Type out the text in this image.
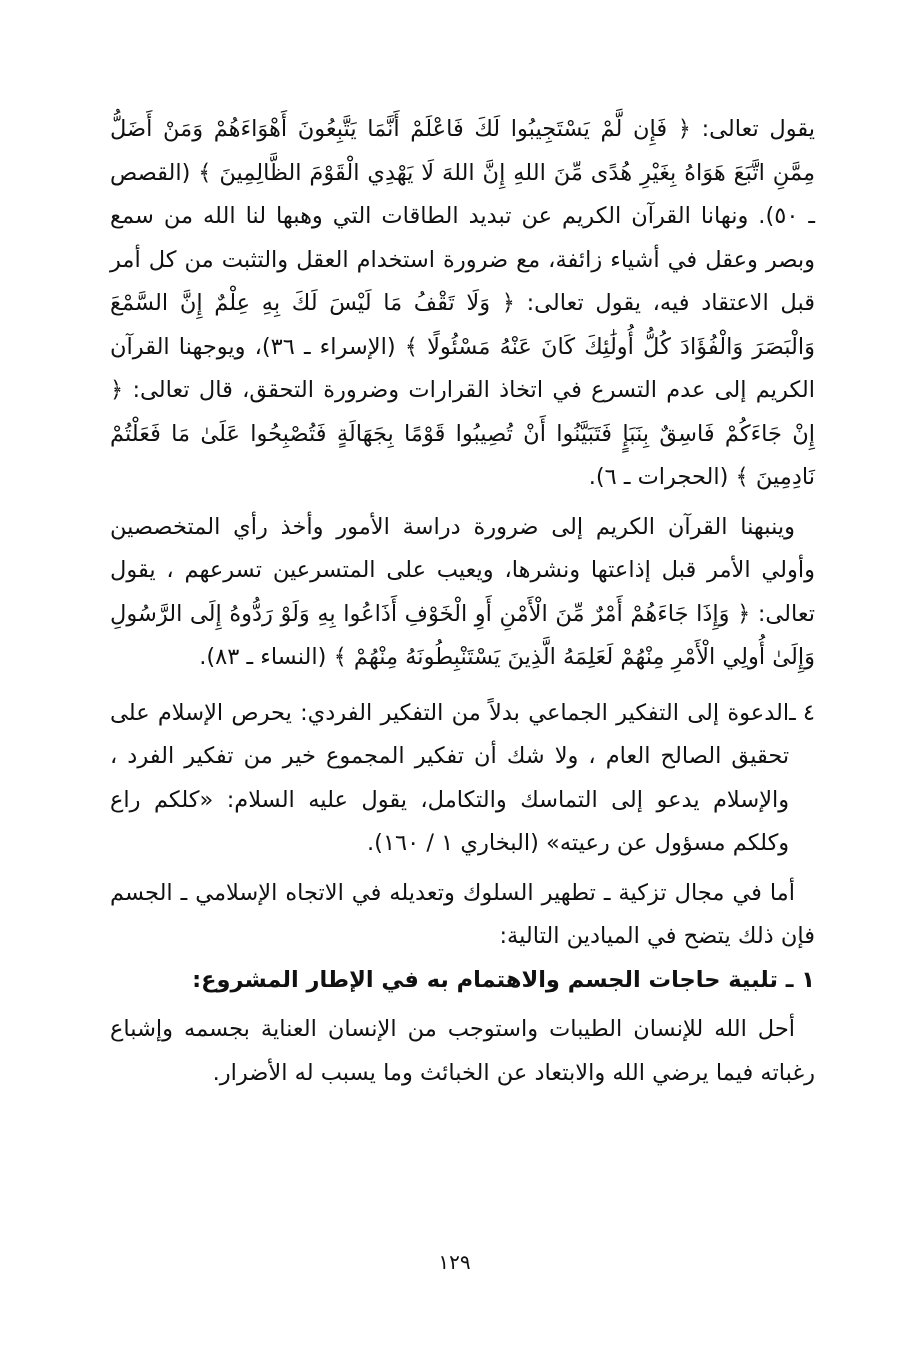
يقول تعالى: ﴿ فَإِن لَّمْ يَسْتَجِيبُوا لَكَ فَاعْلَمْ أَنَّمَا يَتَّبِعُونَ أَهْوَاءَهُمْ وَمَنْ أَضَلُّ مِمَّنِ اتَّبَعَ هَوَاهُ بِغَيْرِ هُدًى مِّنَ اللهِ إِنَّ اللهَ لَا يَهْدِي الْقَوْمَ الظَّالِمِينَ ﴾ (القصص ـ ٥٠). ونهانا القرآن الكريم عن تبديد الطاقات التي وهبها لنا الله من سمع وبصر وعقل في أشياء زائفة، مع ضرورة استخدام العقل والتثبت من كل أمر قبل الاعتقاد فيه، يقول تعالى: ﴿ وَلَا تَقْفُ مَا لَيْسَ لَكَ بِهِ عِلْمٌ إِنَّ السَّمْعَ وَالْبَصَرَ وَالْفُؤَادَ كُلُّ أُولَٰئِكَ كَانَ عَنْهُ مَسْئُولًا ﴾ (الإسراء ـ ٣٦)، ويوجهنا القرآن الكريم إلى عدم التسرع في اتخاذ القرارات وضرورة التحقق، قال تعالى: ﴿ إِنْ جَاءَكُمْ فَاسِقٌ بِنَبَإٍ فَتَبَيَّنُوا أَنْ تُصِيبُوا قَوْمًا بِجَهَالَةٍ فَتُصْبِحُوا عَلَىٰ مَا فَعَلْتُمْ نَادِمِينَ ﴾ (الحجرات ـ ٦).

وينبهنا القرآن الكريم إلى ضرورة دراسة الأمور وأخذ رأي المتخصصين وأولي الأمر قبل إذاعتها ونشرها، ويعيب على المتسرعين تسرعهم ، يقول تعالى: ﴿ وَإِذَا جَاءَهُمْ أَمْرٌ مِّنَ الْأَمْنِ أَوِ الْخَوْفِ أَذَاعُوا بِهِ وَلَوْ رَدُّوهُ إِلَى الرَّسُولِ وَإِلَىٰ أُولِي الْأَمْرِ مِنْهُمْ لَعَلِمَهُ الَّذِينَ يَسْتَنْبِطُونَهُ مِنْهُمْ ﴾ (النساء ـ ٨٣).

٤ ـ
الدعوة إلى التفكير الجماعي بدلاً من التفكير الفردي: يحرص الإسلام على تحقيق الصالح العام ، ولا شك أن تفكير المجموع خير من تفكير الفرد ، والإسلام يدعو إلى التماسك والتكامل، يقول عليه السلام: «كلكم راع وكلكم مسؤول عن رعيته» (البخاري ١ / ١٦٠).

أما في مجال تزكية ـ تطهير السلوك وتعديله في الاتجاه الإسلامي ـ الجسم فإن ذلك يتضح في الميادين التالية:

١ ـ تلبية حاجات الجسم والاهتمام به في الإطار المشروع:

أحل الله للإنسان الطيبات واستوجب من الإنسان العناية بجسمه وإشباع رغباته فيما يرضي الله والابتعاد عن الخبائث وما يسبب له الأضرار.

١٢٩
